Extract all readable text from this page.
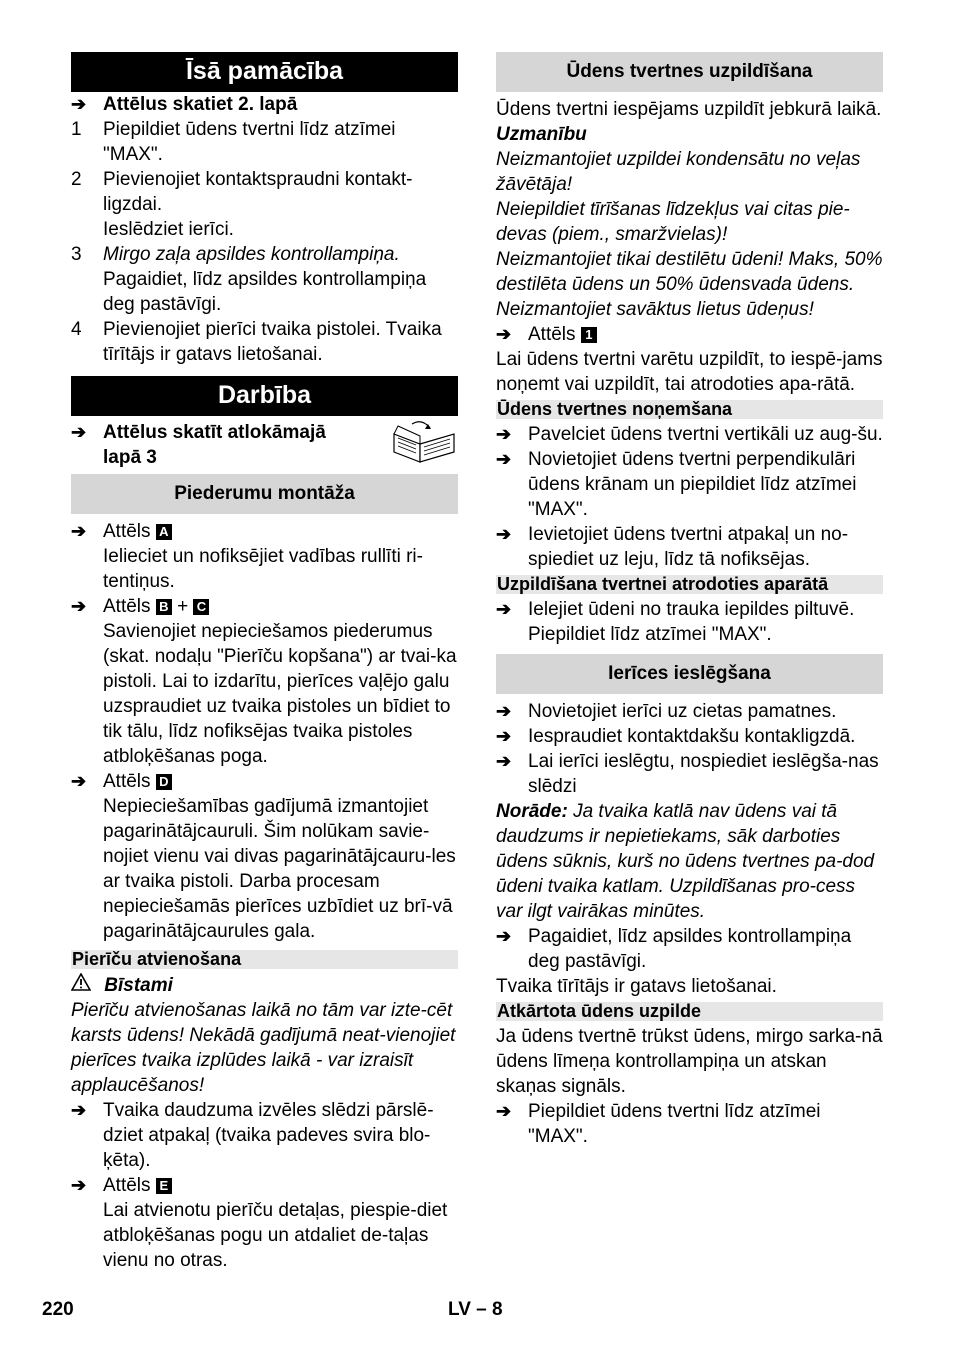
Īsā pamācība
➔ Attēlus skatiet 2. lapā
1	Piepildiet ūdens tvertni līdz atzīmei "MAX".
2	Pievienojiet kontaktspraudni kontakt-ligzdai.
Ieslēdziet ierīci.
3	Mirgo zaļa apsildes kontrollampiņa.
Pagaidiet, līdz apsildes kontrollampiņa deg pastāvīgi.
4	Pievienojiet pierīci tvaika pistolei. Tvaika tīrītājs ir gatavs lietošanai.
Darbība
➔ Attēlus skatīt atlokāmajā lapā 3
Piederumu montāža
➔ Attēls A
Ielieciet un nofiksējiet vadības rullīti ri-tentiņus.
➔ Attēls B + C
Savienojiet nepieciešamos piederumus (skat. nodaļu "Pierīču kopšana") ar tvai-ka pistoli. Lai to izdarītu, pierīces vaļējo galu uzspraudiet uz tvaika pistoles un bīdiet to tik tālu, līdz nofiksējas tvaika pistoles atbloķēšanas poga.
➔ Attēls D
Nepieciešamības gadījumā izmantojiet pagarinātājcauruli. Šim nolūkam savie-nojiet vienu vai divas pagarinātājcauru-les ar tvaika pistoli. Darba procesam nepieciešamās pierīces uzbīdiet uz brī-vā pagarinātājcaurules gala.
Pierīču atvienošana
Bīstami
Pierīču atvienošanas laikā no tām var izte-cēt karsts ūdens! Nekādā gadījumā neat-vienojiet pierīces tvaika izplūdes laikā - var izraisīt applaucēšanos!
➔ Tvaika daudzuma izvēles slēdzi pārslē-dziet atpakaļ (tvaika padeves svira blo-ķēta).
➔ Attēls E
Lai atvienotu pierīču detaļas, piespie-diet atbloķēšanas pogu un atdaliet de-taļas vienu no otras.
Ūdens tvertnes uzpildīšana
Ūdens tvertni iespējams uzpildīt jebkurā laikā.
Uzmanību
Neizmantojiet uzpildei kondensātu no veļas žāvētāja!
Neiepildiet tīrīšanas līdzekļus vai citas pie-devas (piem., smaržvielas)!
Neizmantojiet tikai destilētu ūdeni! Maks, 50% destilēta ūdens un 50% ūdensvada ūdens.
Neizmantojiet savāktus lietus ūdeņus!
➔ Attēls 1
Lai ūdens tvertni varētu uzpildīt, to iespē-jams noņemt vai uzpildīt, tai atrodoties apa-rātā.
Ūdens tvertnes noņemšana
➔ Pavelciet ūdens tvertni vertikāli uz aug-šu.
➔ Novietojiet ūdens tvertni perpendikulāri ūdens krānam un piepildiet līdz atzīmei "MAX".
➔ Ievietojiet ūdens tvertni atpakaļ un no-spiediet uz leju, līdz tā nofiksējas.
Uzpildīšana tvertnei atrodoties aparātā
➔ Ielejiet ūdeni no trauka iepildes piltuvē. Piepildiet līdz atzīmei "MAX".
Ierīces ieslēgšana
➔ Novietojiet ierīci uz cietas pamatnes.
➔ Iespraudiet kontaktdakšu kontakligzdā.
➔ Lai ierīci ieslēgtu, nospiediet ieslēgša-nas slēdzi
Norāde: Ja tvaika katlā nav ūdens vai tā daudzums ir nepietiekams, sāk darboties ūdens sūknis, kurš no ūdens tvertnes pa-dod ūdeni tvaika katlam. Uzpildīšanas pro-cess var ilgt vairākas minūtes.
➔ Pagaidiet, līdz apsildes kontrollampiņa deg pastāvīgi.
Tvaika tīrītājs ir gatavs lietošanai.
Atkārtota ūdens uzpilde
Ja ūdens tvertnē trūkst ūdens, mirgo sarka-nā ūdens līmeņa kontrollampiņa un atskan skaņas signāls.
➔ Piepildiet ūdens tvertni līdz atzīmei "MAX".
220	LV – 8
